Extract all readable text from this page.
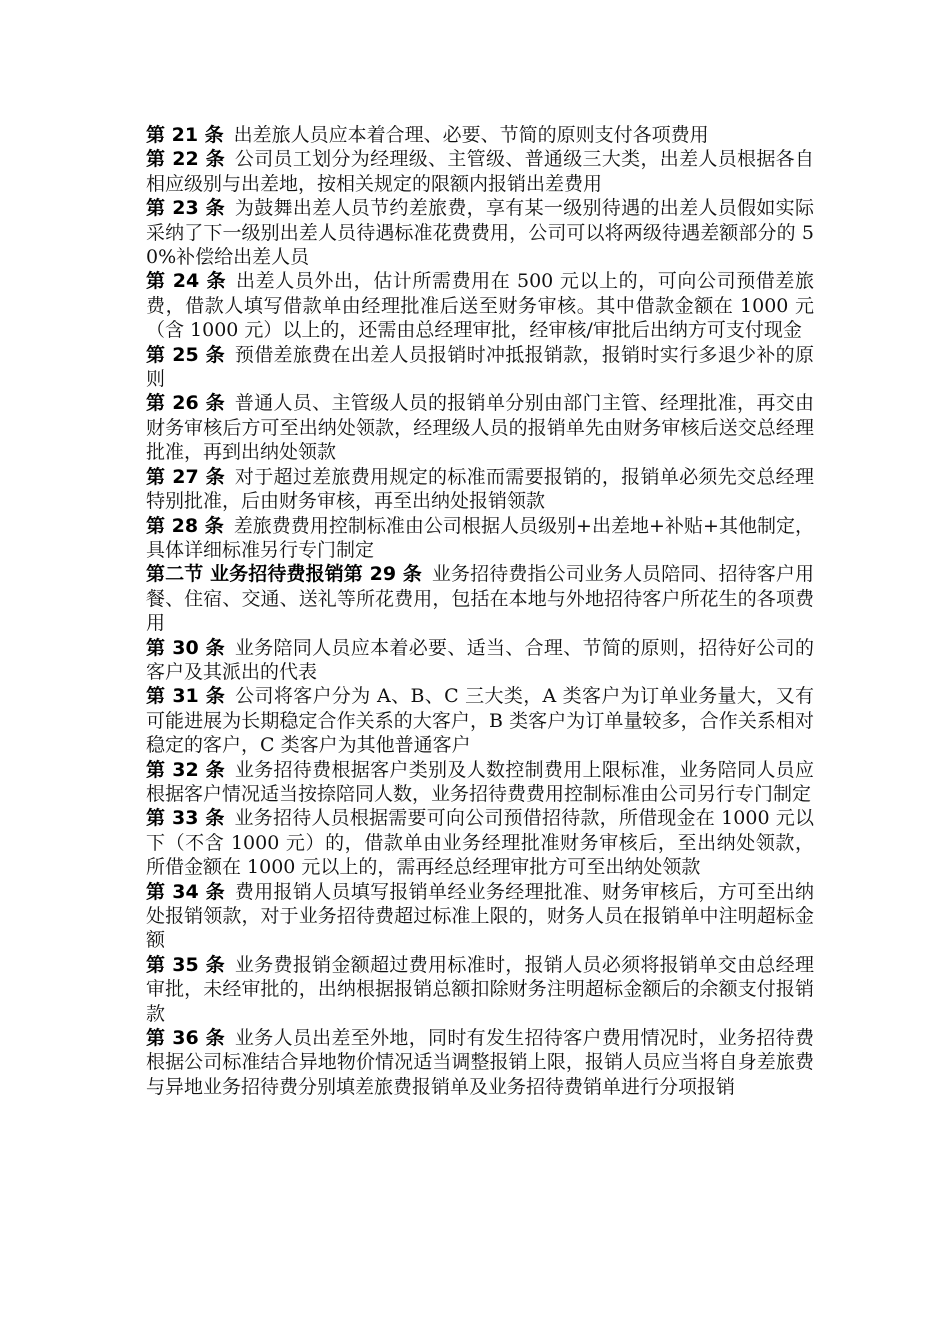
第 21 条 出差旅人员应本着合理、必要、节简的原则支付各项费用

第 22 条 公司员工划分为经理级、主管级、普通级三大类，出差人员根据各自相应级别与出差地，按相关规定的限额内报销出差费用

第 23 条 为鼓舞出差人员节约差旅费，享有某一级别待遇的出差人员假如实际采纳了下一级别出差人员待遇标准花费费用，公司可以将两级待遇差额部分的 50%补偿给出差人员

第 24 条 出差人员外出，估计所需费用在 500 元以上的，可向公司预借差旅费，借款人填写借款单由经理批准后送至财务审核。其中借款金额在 1000 元（含 1000 元）以上的，还需由总经理审批，经审核/审批后出纳方可支付现金

第 25 条 预借差旅费在出差人员报销时冲抵报销款，报销时实行多退少补的原则

第 26 条 普通人员、主管级人员的报销单分别由部门主管、经理批准，再交由财务审核后方可至出纳处领款，经理级人员的报销单先由财务审核后送交总经理批准，再到出纳处领款

第 27 条 对于超过差旅费用规定的标准而需要报销的，报销单必须先交总经理特别批准，后由财务审核，再至出纳处报销领款

第 28 条 差旅费费用控制标准由公司根据人员级别+出差地+补贴+其他制定，具体详细标准另行专门制定

第二节 业务招待费报销第 29 条 业务招待费指公司业务人员陪同、招待客户用餐、住宿、交通、送礼等所花费用，包括在本地与外地招待客户所花生的各项费用

第 30 条 业务陪同人员应本着必要、适当、合理、节简的原则，招待好公司的客户及其派出的代表

第 31 条 公司将客户分为 A、B、C 三大类，A 类客户为订单业务量大，又有可能进展为长期稳定合作关系的大客户，B 类客户为订单量较多，合作关系相对稳定的客户，C 类客户为其他普通客户

第 32 条 业务招待费根据客户类别及人数控制费用上限标准，业务陪同人员应根据客户情况适当按捺陪同人数，业务招待费费用控制标准由公司另行专门制定

第 33 条 业务招待人员根据需要可向公司预借招待款，所借现金在 1000 元以下（不含 1000 元）的，借款单由业务经理批准财务审核后，至出纳处领款，所借金额在 1000 元以上的，需再经总经理审批方可至出纳处领款

第 34 条 费用报销人员填写报销单经业务经理批准、财务审核后，方可至出纳处报销领款，对于业务招待费超过标准上限的，财务人员在报销单中注明超标金额

第 35 条 业务费报销金额超过费用标准时，报销人员必须将报销单交由总经理审批，未经审批的，出纳根据报销总额扣除财务注明超标金额后的余额支付报销款

第 36 条 业务人员出差至外地，同时有发生招待客户费用情况时，业务招待费根据公司标准结合异地物价情况适当调整报销上限，报销人员应当将自身差旅费与异地业务招待费分别填差旅费报销单及业务招待费销单进行分项报销
